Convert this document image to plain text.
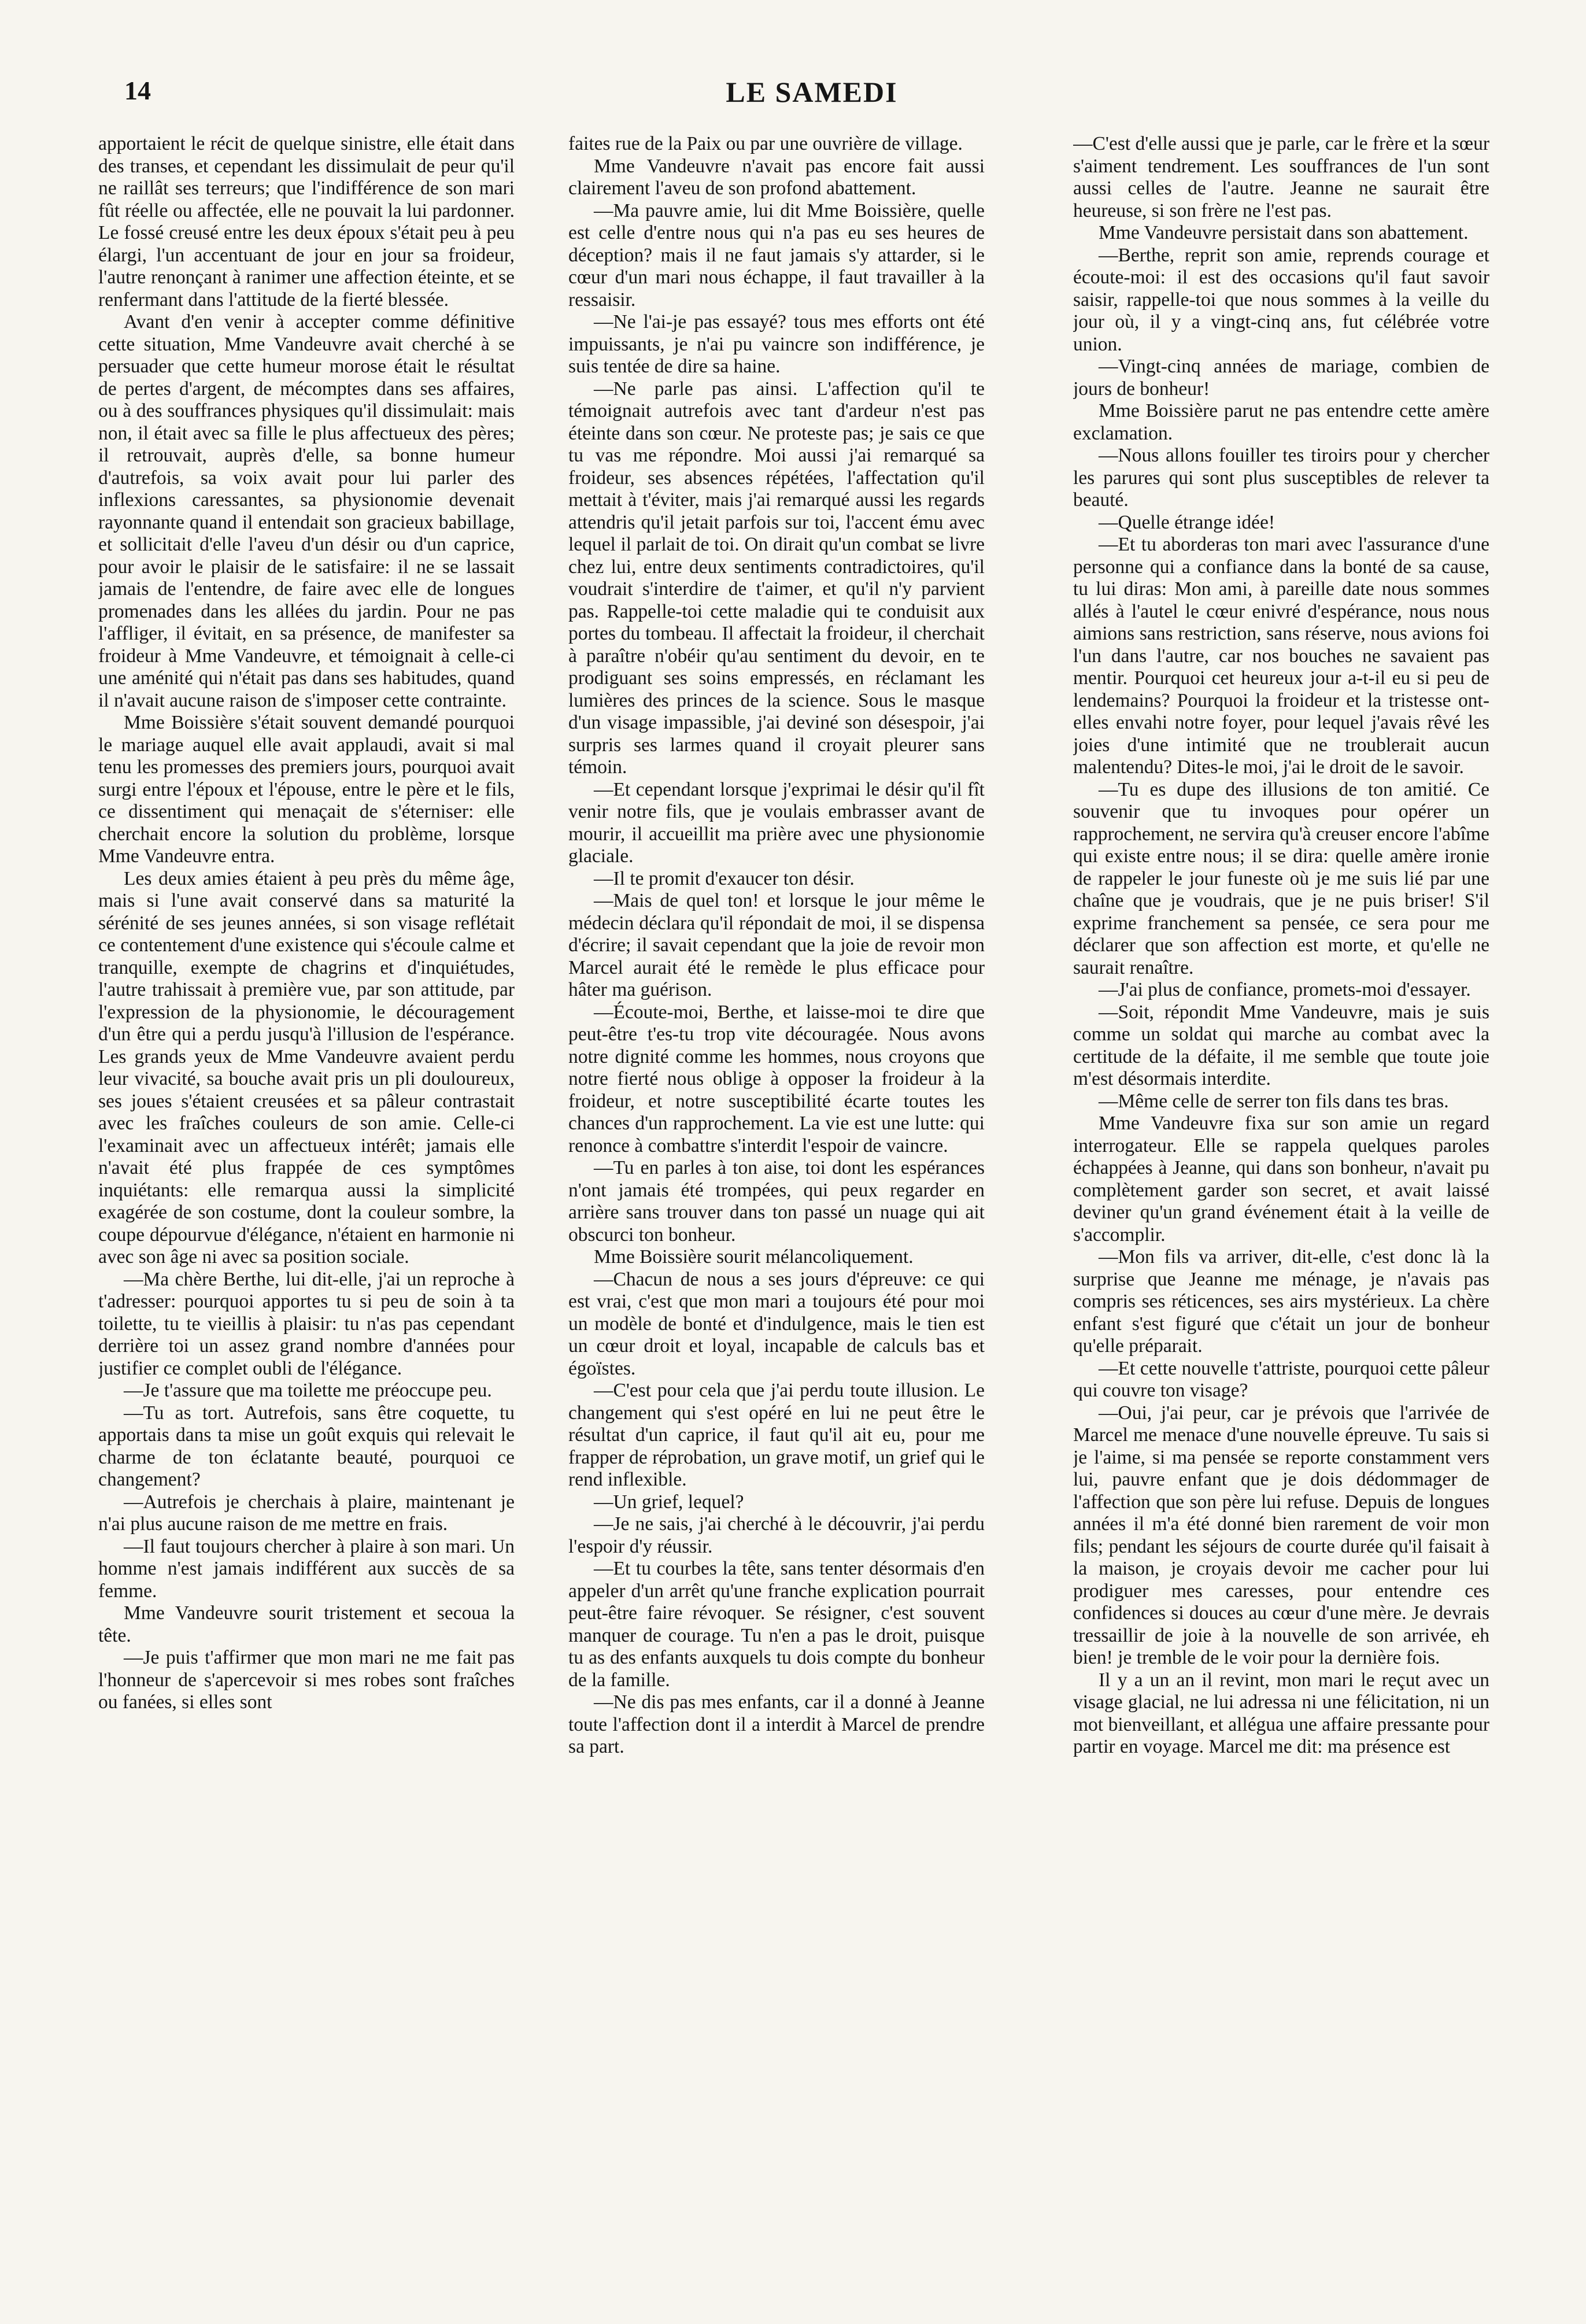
14	LE SAMEDI

apportaient le récit de quelque sinistre, elle était dans des transes, et cependant les dissimulait de peur qu'il ne raillât ses terreurs; que l'indifférence de son mari fût réelle ou affectée, elle ne pouvait la lui pardonner. Le fossé creusé entre les deux époux s'était peu à peu élargi, l'un accentuant de jour en jour sa froideur, l'autre renonçant à ranimer une affection éteinte, et se renfermant dans l'attitude de la fierté blessée.

Avant d'en venir à accepter comme définitive cette situation, Mme Vandeuvre avait cherché à se persuader que cette humeur morose était le résultat de pertes d'argent, de mécomptes dans ses affaires, ou à des souffrances physiques qu'il dissimulait: mais non, il était avec sa fille le plus affectueux des pères; il retrouvait, auprès d'elle, sa bonne humeur d'autrefois, sa voix avait pour lui parler des inflexions caressantes, sa physionomie devenait rayonnante quand il entendait son gracieux babillage, et sollicitait d'elle l'aveu d'un désir ou d'un caprice, pour avoir le plaisir de le satisfaire: il ne se lassait jamais de l'entendre, de faire avec elle de longues promenades dans les allées du jardin. Pour ne pas l'affliger, il évitait, en sa présence, de manifester sa froideur à Mme Vandeuvre, et témoignait à celle-ci une aménité qui n'était pas dans ses habitudes, quand il n'avait aucune raison de s'imposer cette contrainte.

Mme Boissière s'était souvent demandé pourquoi le mariage auquel elle avait applaudi, avait si mal tenu les promesses des premiers jours, pourquoi avait surgi entre l'époux et l'épouse, entre le père et le fils, ce dissentiment qui menaçait de s'éterniser: elle cherchait encore la solution du problème, lorsque Mme Vandeuvre entra.

Les deux amies étaient à peu près du même âge, mais si l'une avait conservé dans sa maturité la sérénité de ses jeunes années, si son visage reflétait ce contentement d'une existence qui s'écoule calme et tranquille, exempte de chagrins et d'inquiétudes, l'autre trahissait à première vue, par son attitude, par l'expression de la physionomie, le découragement d'un être qui a perdu jusqu'à l'illusion de l'espérance. Les grands yeux de Mme Vandeuvre avaient perdu leur vivacité, sa bouche avait pris un pli douloureux, ses joues s'étaient creusées et sa pâleur contrastait avec les fraîches couleurs de son amie. Celle-ci l'examinait avec un affectueux intérêt; jamais elle n'avait été plus frappée de ces symptômes inquiétants: elle remarqua aussi la simplicité exagérée de son costume, dont la couleur sombre, la coupe dépourvue d'élégance, n'étaient en harmonie ni avec son âge ni avec sa position sociale.

—Ma chère Berthe, lui dit-elle, j'ai un reproche à t'adresser: pourquoi apportes tu si peu de soin à ta toilette, tu te vieillis à plaisir: tu n'as pas cependant derrière toi un assez grand nombre d'années pour justifier ce complet oubli de l'élégance.

—Je t'assure que ma toilette me préoccupe peu.

—Tu as tort. Autrefois, sans être coquette, tu apportais dans ta mise un goût exquis qui relevait le charme de ton éclatante beauté, pourquoi ce changement?

—Autrefois je cherchais à plaire, maintenant je n'ai plus aucune raison de me mettre en frais.

—Il faut toujours chercher à plaire à son mari. Un homme n'est jamais indifférent aux succès de sa femme.

Mme Vandeuvre sourit tristement et secoua la tête.

—Je puis t'affirmer que mon mari ne me fait pas l'honneur de s'apercevoir si mes robes sont fraîches ou fanées, si elles sont

faites rue de la Paix ou par une ouvrière de village.

Mme Vandeuvre n'avait pas encore fait aussi clairement l'aveu de son profond abattement.

—Ma pauvre amie, lui dit Mme Boissière, quelle est celle d'entre nous qui n'a pas eu ses heures de déception? mais il ne faut jamais s'y attarder, si le cœur d'un mari nous échappe, il faut travailler à la ressaisir.

—Ne l'ai-je pas essayé? tous mes efforts ont été impuissants, je n'ai pu vaincre son indifférence, je suis tentée de dire sa haine.

—Ne parle pas ainsi. L'affection qu'il te témoignait autrefois avec tant d'ardeur n'est pas éteinte dans son cœur. Ne proteste pas; je sais ce que tu vas me répondre. Moi aussi j'ai remarqué sa froideur, ses absences répétées, l'affectation qu'il mettait à t'éviter, mais j'ai remarqué aussi les regards attendris qu'il jetait parfois sur toi, l'accent ému avec lequel il parlait de toi. On dirait qu'un combat se livre chez lui, entre deux sentiments contradictoires, qu'il voudrait s'interdire de t'aimer, et qu'il n'y parvient pas. Rappelle-toi cette maladie qui te conduisit aux portes du tombeau. Il affectait la froideur, il cherchait à paraître n'obéir qu'au sentiment du devoir, en te prodiguant ses soins empressés, en réclamant les lumières des princes de la science. Sous le masque d'un visage impassible, j'ai deviné son désespoir, j'ai surpris ses larmes quand il croyait pleurer sans témoin.

—Et cependant lorsque j'exprimai le désir qu'il fît venir notre fils, que je voulais embrasser avant de mourir, il accueillit ma prière avec une physionomie glaciale.

—Il te promit d'exaucer ton désir.

—Mais de quel ton! et lorsque le jour même le médecin déclara qu'il répondait de moi, il se dispensa d'écrire; il savait cependant que la joie de revoir mon Marcel aurait été le remède le plus efficace pour hâter ma guérison.

—Écoute-moi, Berthe, et laisse-moi te dire que peut-être t'es-tu trop vite découragée. Nous avons notre dignité comme les hommes, nous croyons que notre fierté nous oblige à opposer la froideur à la froideur, et notre susceptibilité écarte toutes les chances d'un rapprochement. La vie est une lutte: qui renonce à combattre s'interdit l'espoir de vaincre.

—Tu en parles à ton aise, toi dont les espérances n'ont jamais été trompées, qui peux regarder en arrière sans trouver dans ton passé un nuage qui ait obscurci ton bonheur.

Mme Boissière sourit mélancoliquement.

—Chacun de nous a ses jours d'épreuve: ce qui est vrai, c'est que mon mari a toujours été pour moi un modèle de bonté et d'indulgence, mais le tien est un cœur droit et loyal, incapable de calculs bas et égoïstes.

—C'est pour cela que j'ai perdu toute illusion. Le changement qui s'est opéré en lui ne peut être le résultat d'un caprice, il faut qu'il ait eu, pour me frapper de réprobation, un grave motif, un grief qui le rend inflexible.

—Un grief, lequel?

—Je ne sais, j'ai cherché à le découvrir, j'ai perdu l'espoir d'y réussir.

—Et tu courbes la tête, sans tenter désormais d'en appeler d'un arrêt qu'une franche explication pourrait peut-être faire révoquer. Se résigner, c'est souvent manquer de courage. Tu n'en a pas le droit, puisque tu as des enfants auxquels tu dois compte du bonheur de la famille.

—Ne dis pas mes enfants, car il a donné à Jeanne toute l'affection dont il a interdit à Marcel de prendre sa part.

—C'est d'elle aussi que je parle, car le frère et la sœur s'aiment tendrement. Les souffrances de l'un sont aussi celles de l'autre. Jeanne ne saurait être heureuse, si son frère ne l'est pas.

Mme Vandeuvre persistait dans son abattement.

—Berthe, reprit son amie, reprends courage et écoute-moi: il est des occasions qu'il faut savoir saisir, rappelle-toi que nous sommes à la veille du jour où, il y a vingt-cinq ans, fut célébrée votre union.

—Vingt-cinq années de mariage, combien de jours de bonheur!

Mme Boissière parut ne pas entendre cette amère exclamation.

—Nous allons fouiller tes tiroirs pour y chercher les parures qui sont plus susceptibles de relever ta beauté.

—Quelle étrange idée!

—Et tu aborderas ton mari avec l'assurance d'une personne qui a confiance dans la bonté de sa cause, tu lui diras: Mon ami, à pareille date nous sommes allés à l'autel le cœur enivré d'espérance, nous nous aimions sans restriction, sans réserve, nous avions foi l'un dans l'autre, car nos bouches ne savaient pas mentir. Pourquoi cet heureux jour a-t-il eu si peu de lendemains? Pourquoi la froideur et la tristesse ont-elles envahi notre foyer, pour lequel j'avais rêvé les joies d'une intimité que ne troublerait aucun malentendu? Dites-le moi, j'ai le droit de le savoir.

—Tu es dupe des illusions de ton amitié. Ce souvenir que tu invoques pour opérer un rapprochement, ne servira qu'à creuser encore l'abîme qui existe entre nous; il se dira: quelle amère ironie de rappeler le jour funeste où je me suis lié par une chaîne que je voudrais, que je ne puis briser! S'il exprime franchement sa pensée, ce sera pour me déclarer que son affection est morte, et qu'elle ne saurait renaître.

—J'ai plus de confiance, promets-moi d'essayer.

—Soit, répondit Mme Vandeuvre, mais je suis comme un soldat qui marche au combat avec la certitude de la défaite, il me semble que toute joie m'est désormais interdite.

—Même celle de serrer ton fils dans tes bras.

Mme Vandeuvre fixa sur son amie un regard interrogateur. Elle se rappela quelques paroles échappées à Jeanne, qui dans son bonheur, n'avait pu complètement garder son secret, et avait laissé deviner qu'un grand événement était à la veille de s'accomplir.

—Mon fils va arriver, dit-elle, c'est donc là la surprise que Jeanne me ménage, je n'avais pas compris ses réticences, ses airs mystérieux. La chère enfant s'est figuré que c'était un jour de bonheur qu'elle préparait.

—Et cette nouvelle t'attriste, pourquoi cette pâleur qui couvre ton visage?

—Oui, j'ai peur, car je prévois que l'arrivée de Marcel me menace d'une nouvelle épreuve. Tu sais si je l'aime, si ma pensée se reporte constamment vers lui, pauvre enfant que je dois dédommager de l'affection que son père lui refuse. Depuis de longues années il m'a été donné bien rarement de voir mon fils; pendant les séjours de courte durée qu'il faisait à la maison, je croyais devoir me cacher pour lui prodiguer mes caresses, pour entendre ces confidences si douces au cœur d'une mère. Je devrais tressaillir de joie à la nouvelle de son arrivée, eh bien! je tremble de le voir pour la dernière fois.

Il y a un an il revint, mon mari le reçut avec un visage glacial, ne lui adressa ni une félicitation, ni un mot bienveillant, et allégua une affaire pressante pour partir en voyage. Marcel me dit: ma présence est
